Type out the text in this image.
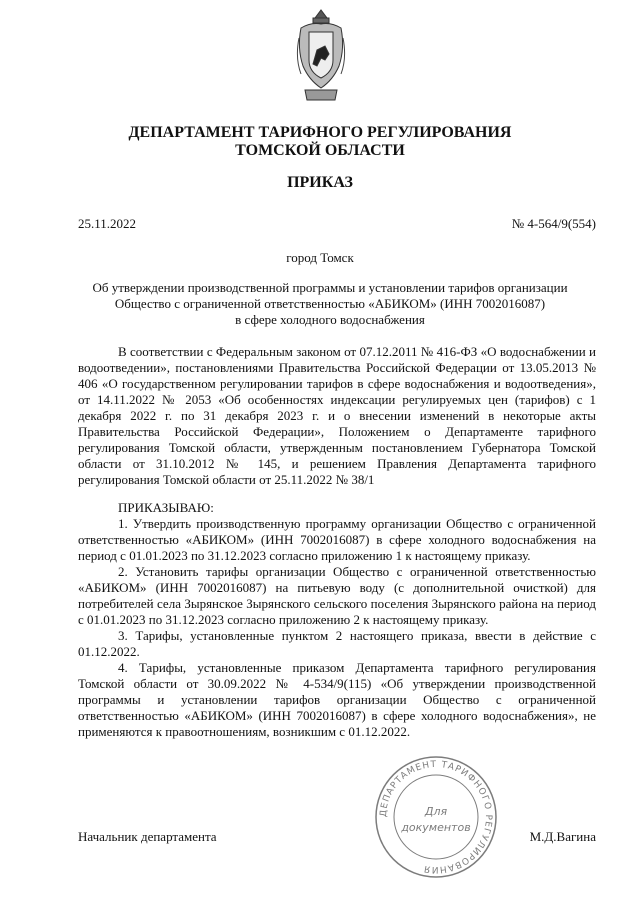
ДЕПАРТАМЕНТ ТАРИФНОГО РЕГУЛИРОВАНИЯ
ТОМСКОЙ ОБЛАСТИ
ПРИКАЗ
25.11.2022	№ 4-564/9(554)
город Томск
Об утверждении производственной программы и установлении тарифов организации
Общество с ограниченной ответственностью «АБИКОМ» (ИНН 7002016087)
в сфере холодного водоснабжения

В соответствии с Федеральным законом от 07.12.2011 № 416-ФЗ «О водоснабжении и водоотведении», постановлениями Правительства Российской Федерации от 13.05.2013 № 406 «О государственном регулировании тарифов в сфере водоснабжения и водоотведения», от 14.11.2022 № 2053 «Об особенностях индексации регулируемых цен (тарифов) с 1 декабря 2022 г. по 31 декабря 2023 г. и о внесении изменений в некоторые акты Правительства Российской Федерации», Положением о Департаменте тарифного регулирования Томской области, утвержденным постановлением Губернатора Томской области от 31.10.2012 № 145, и решением Правления Департамента тарифного регулирования Томской области от 25.11.2022 № 38/1

ПРИКАЗЫВАЮ:

1. Утвердить производственную программу организации Общество с ограниченной ответственностью «АБИКОМ» (ИНН 7002016087) в сфере холодного водоснабжения на период с 01.01.2023 по 31.12.2023 согласно приложению 1 к настоящему приказу.

2. Установить тарифы организации Общество с ограниченной ответственностью «АБИКОМ» (ИНН 7002016087) на питьевую воду (с дополнительной очисткой) для потребителей села Зырянское Зырянского сельского поселения Зырянского района на период с 01.01.2023 по 31.12.2023 согласно приложению 2 к настоящему приказу.

3. Тарифы, установленные пунктом 2 настоящего приказа, ввести в действие с 01.12.2022.

4. Тарифы, установленные приказом Департамента тарифного регулирования Томской области от 30.09.2022 № 4-534/9(115) «Об утверждении производственной программы и установлении тарифов организации Общество с ограниченной ответственностью «АБИКОМ» (ИНН 7002016087) в сфере холодного водоснабжения», не применяются к правоотношениям, возникшим с 01.12.2022.

ДЕПАРТАМЕНТ ТАРИФНОГО РЕГУЛИРОВАНИЯ
Для
документов
Начальник департамента	М.Д.Вагина
